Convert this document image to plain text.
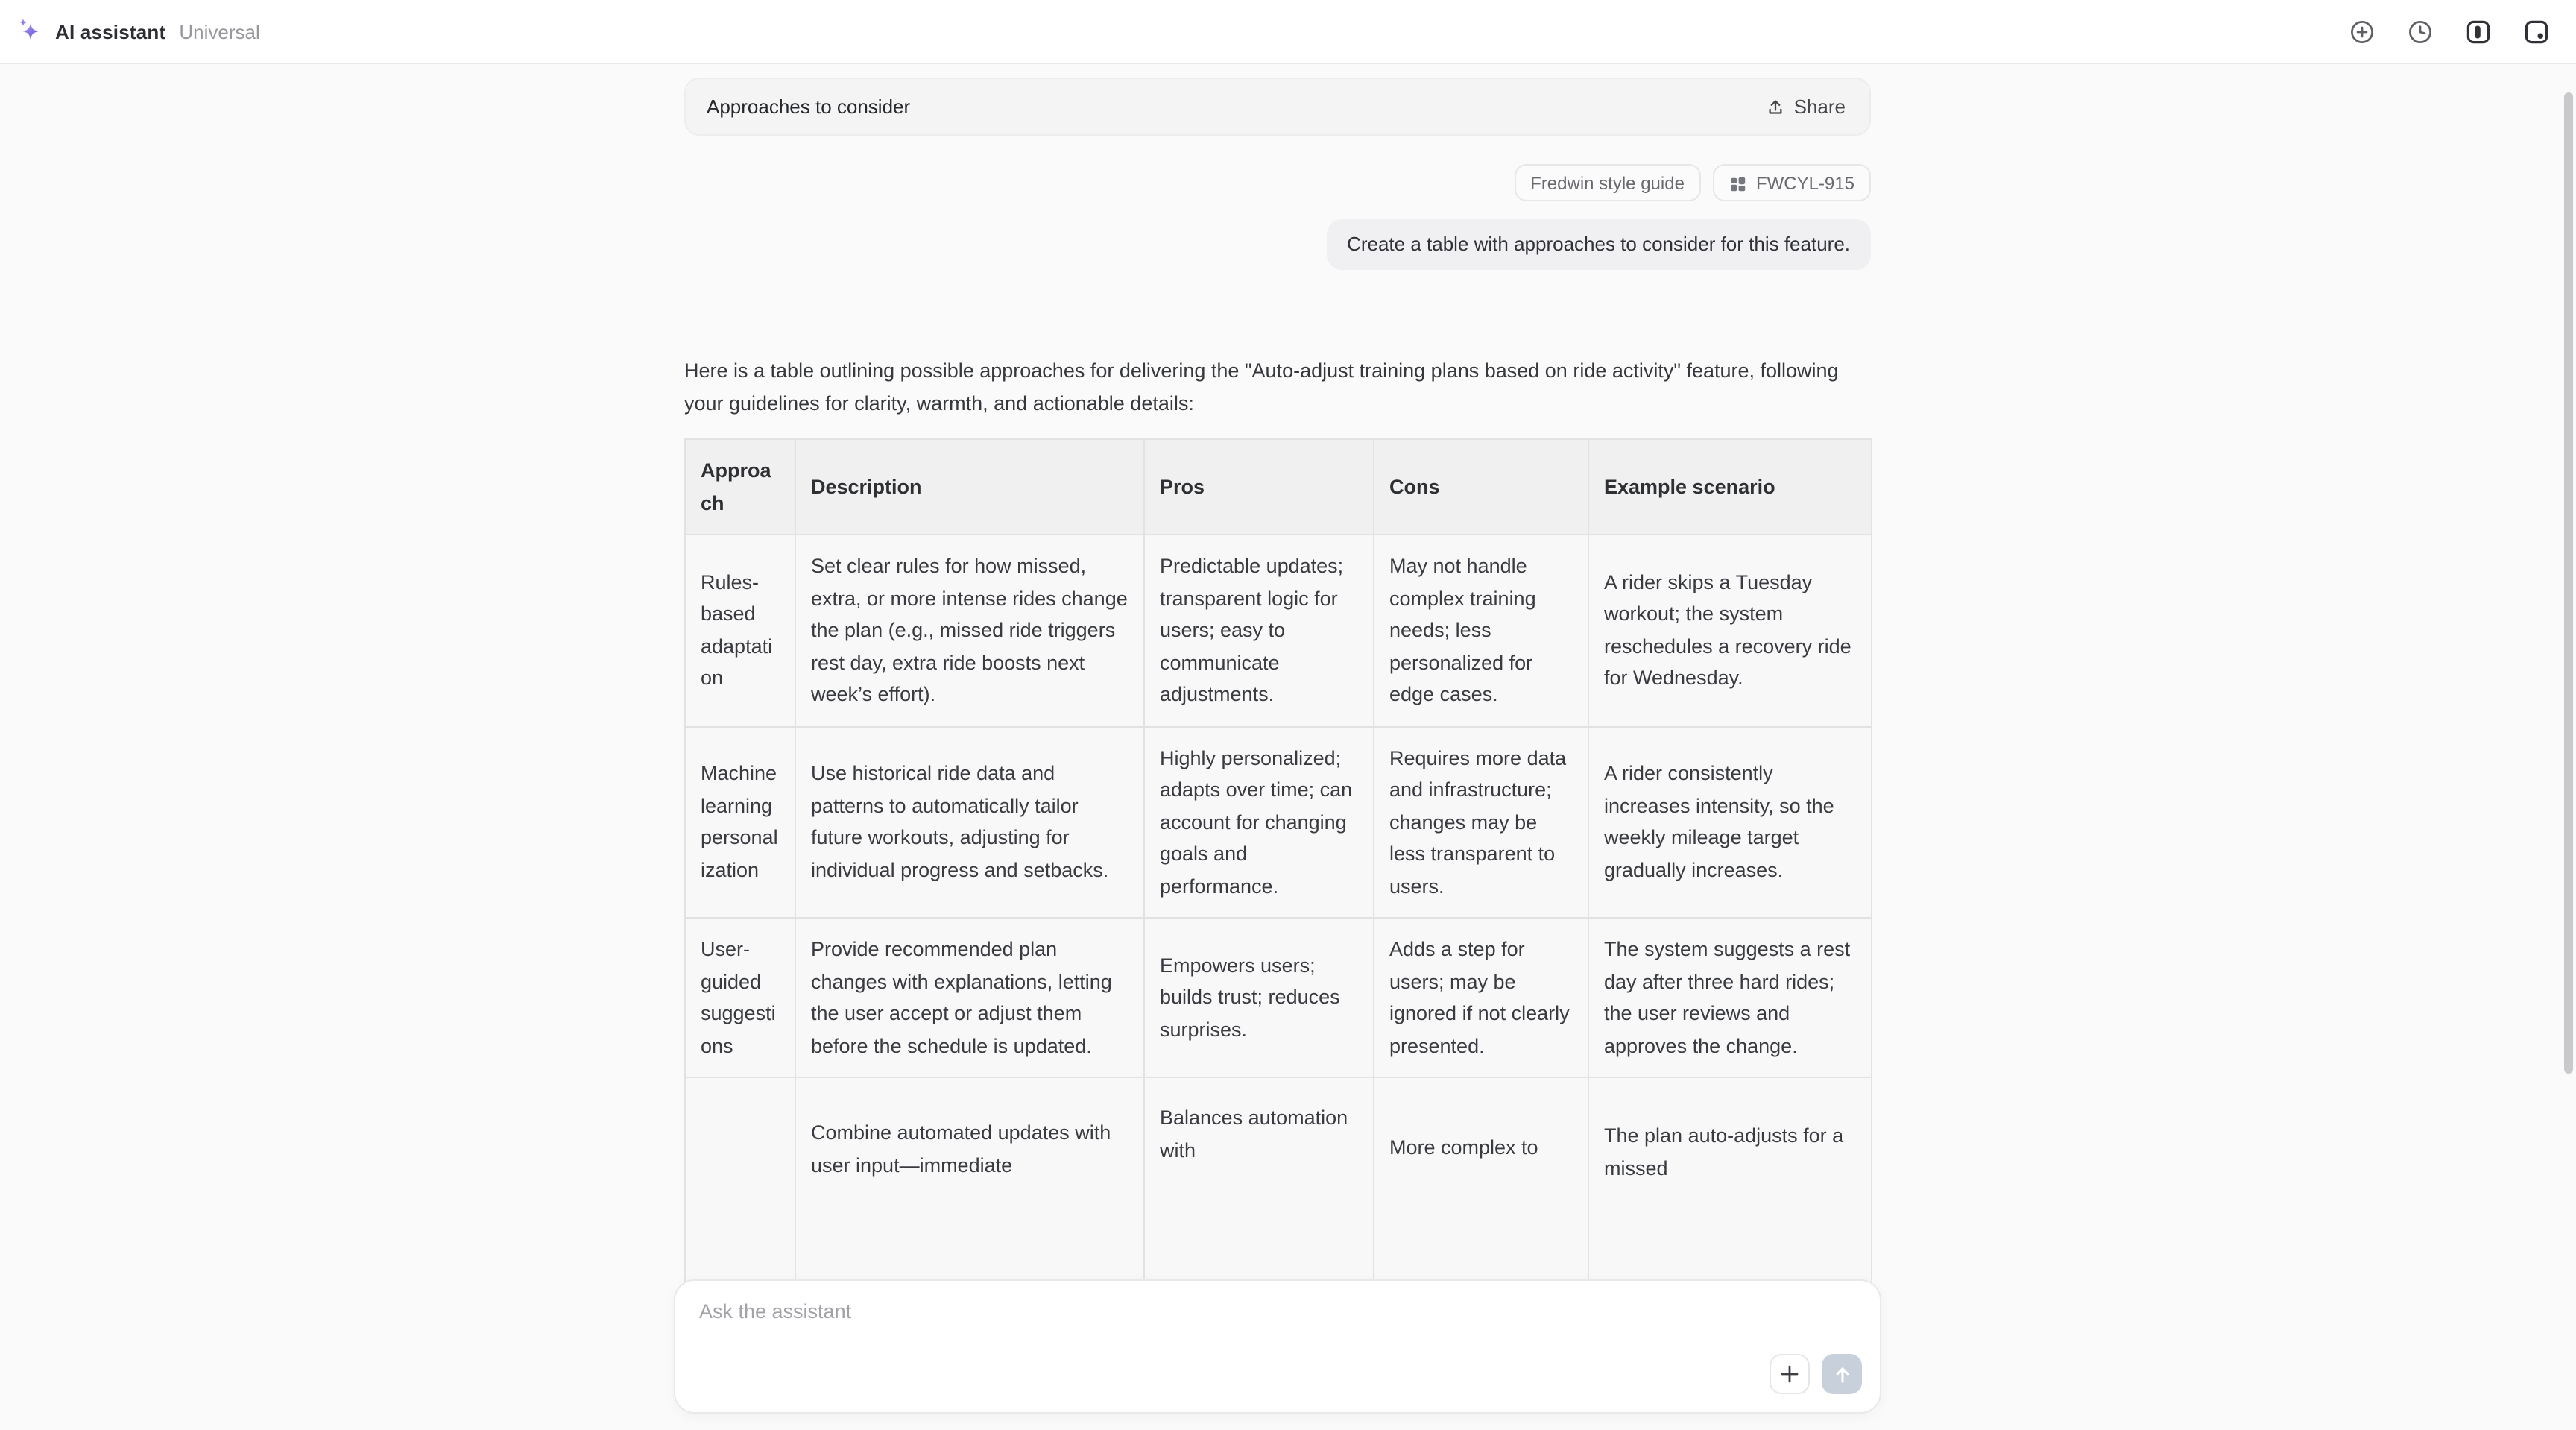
AI assistant Universal
Approaches to consider	Share
Fredwin style guide	FWCYL-915
Create a table with approaches to consider for this feature.
Here is a table outlining possible approaches for delivering the "Auto-adjust training plans based on ride activity" feature, following your guidelines for clarity, warmth, and actionable details:
Approach	Description	Pros	Cons	Example scenario
Rules-based adaptation	Set clear rules for how missed, extra, or more intense rides change the plan (e.g., missed ride triggers rest day, extra ride boosts next week’s effort).	Predictable updates; transparent logic for users; easy to communicate adjustments.	May not handle complex training needs; less personalized for edge cases.	A rider skips a Tuesday workout; the system reschedules a recovery ride for Wednesday.
Machine learning personalization	Use historical ride data and patterns to automatically tailor future workouts, adjusting for individual progress and setbacks.	Highly personalized; adapts over time; can account for changing goals and performance.	Requires more data and infrastructure; changes may be less transparent to users.	A rider consistently increases intensity, so the weekly mileage target gradually increases.
User-guided suggestions	Provide recommended plan changes with explanations, letting the user accept or adjust them before the schedule is updated.	Empowers users; builds trust; reduces surprises.	Adds a step for users; may be ignored if not clearly presented.	The system suggests a rest day after three hard rides; the user reviews and approves the change.
	Combine automated updates with user input—immediate	Balances automation with	More complex to	The plan auto-adjusts for a missed
Ask the assistant
